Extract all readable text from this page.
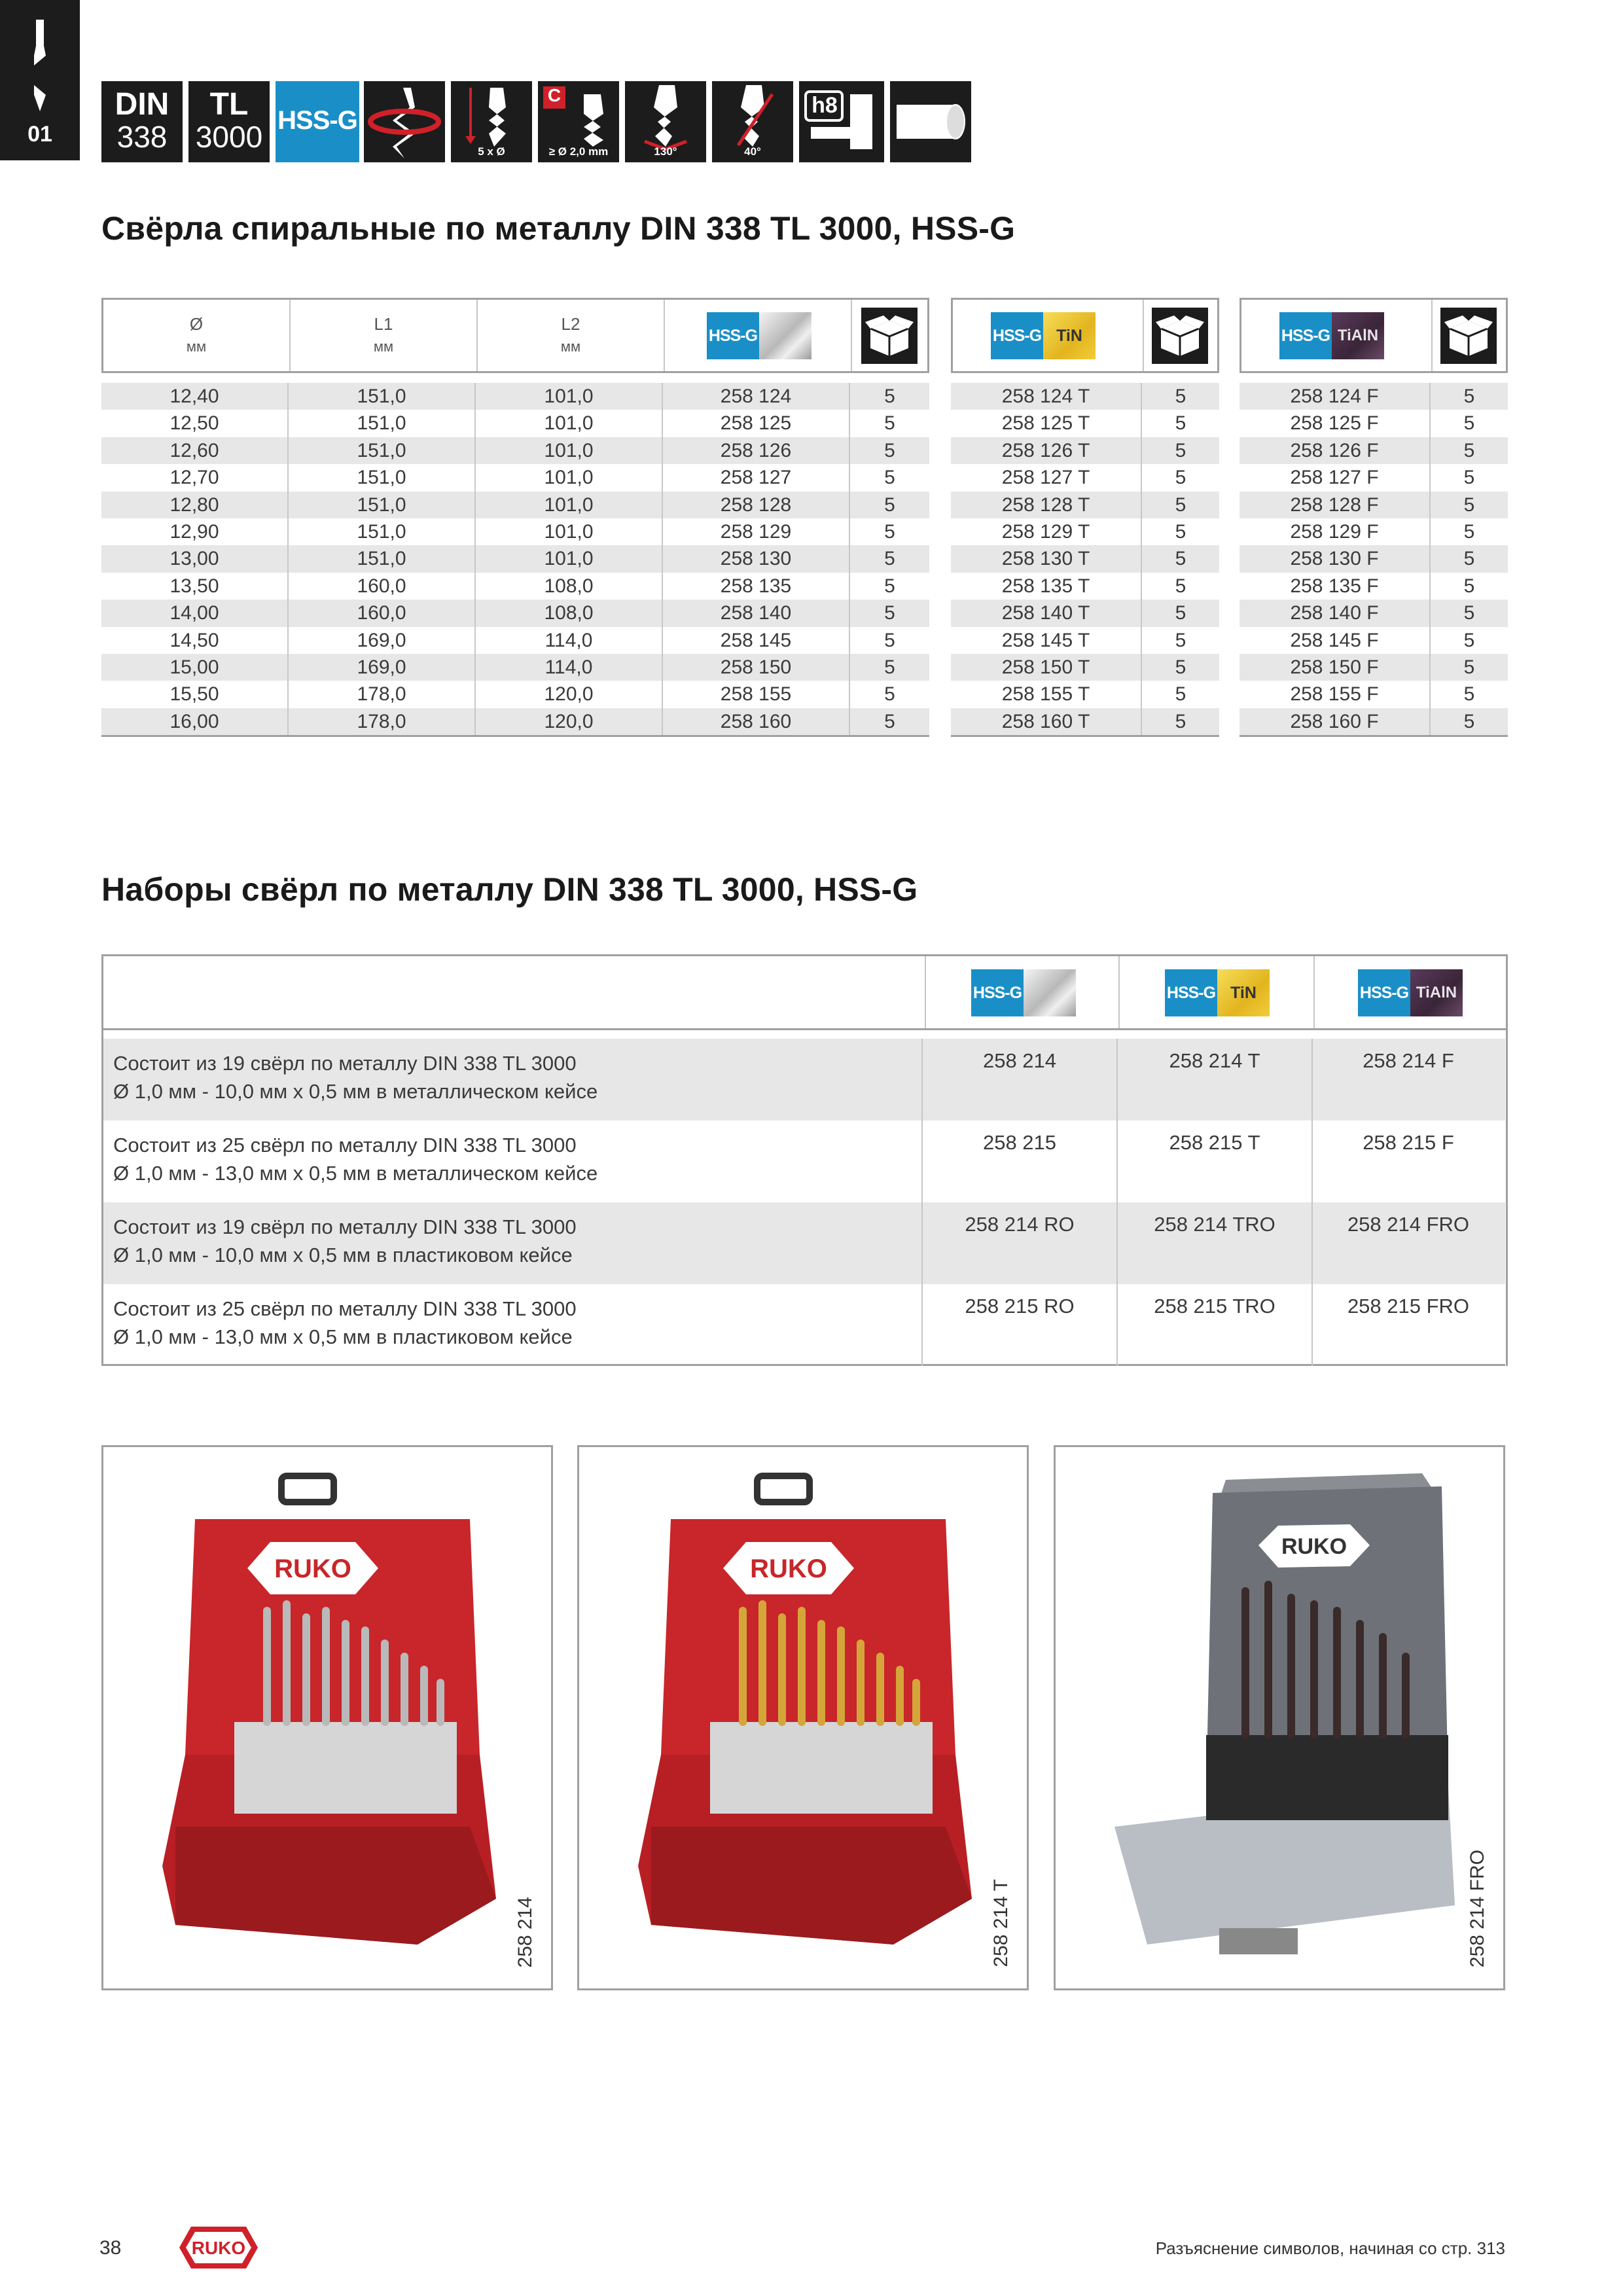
01
DIN
338
TL
3000 HSS-G
5 x Ø
C
≥ Ø 2,0 mm	130°	40°
h8
Свёрла спиральные по металлу DIN 338 TL 3000, HSS-G
Ø
мм
L1
мм
L2
мм
HSS-G	HSS-G TiN	HSS-G TiAlN
12,40	151,0	101,0	258 124	5
12,50	151,0	101,0	258 125	5
12,60	151,0	101,0	258 126	5
12,70	151,0	101,0	258 127	5
12,80	151,0	101,0	258 128	5
12,90	151,0	101,0	258 129	5
13,00	151,0	101,0	258 130	5
13,50	160,0	108,0	258 135	5
14,00	160,0	108,0	258 140	5
14,50	169,0	114,0	258 145	5
15,00	169,0	114,0	258 150	5
15,50	178,0	120,0	258 155	5
16,00	178,0	120,0	258 160	5
258 124 T	5
258 125 T	5
258 126 T	5
258 127 T	5
258 128 T	5
258 129 T	5
258 130 T	5
258 135 T	5
258 140 T	5
258 145 T	5
258 150 T	5
258 155 T	5
258 160 T	5
258 124 F	5
258 125 F	5
258 126 F	5
258 127 F	5
258 128 F	5
258 129 F	5
258 130 F	5
258 135 F	5
258 140 F	5
258 145 F	5
258 150 F	5
258 155 F	5
258 160 F	5
Наборы свёрл по металлу DIN 338 TL 3000, HSS-G
HSS-G	HSS-G TiN	HSS-G TiAlN
Состоит из 19 свёрл по металлу DIN 338 TL 3000
Ø 1,0 мм - 10,0 мм x 0,5 мм в металлическом кейсе
258 214	258 214 T	258 214 F
Состоит из 25 свёрл по металлу DIN 338 TL 3000
Ø 1,0 мм - 13,0 мм x 0,5 мм в металлическом кейсе
258 215	258 215 T	258 215 F
Состоит из 19 свёрл по металлу DIN 338 TL 3000
Ø 1,0 мм - 10,0 мм x 0,5 мм в пластиковом кейсе
258 214 RO	258 214 TRO	258 214 FRO
Состоит из 25 свёрл по металлу DIN 338 TL 3000
Ø 1,0 мм - 13,0 мм x 0,5 мм в пластиковом кейсе
258 215 RO	258 215 TRO	258 215 FRO
RUKO
258 214
RUKO
258 214 T
RUKO
258 214 FRO
38	RUKO	Разъяснение символов, начиная со стр. 313
